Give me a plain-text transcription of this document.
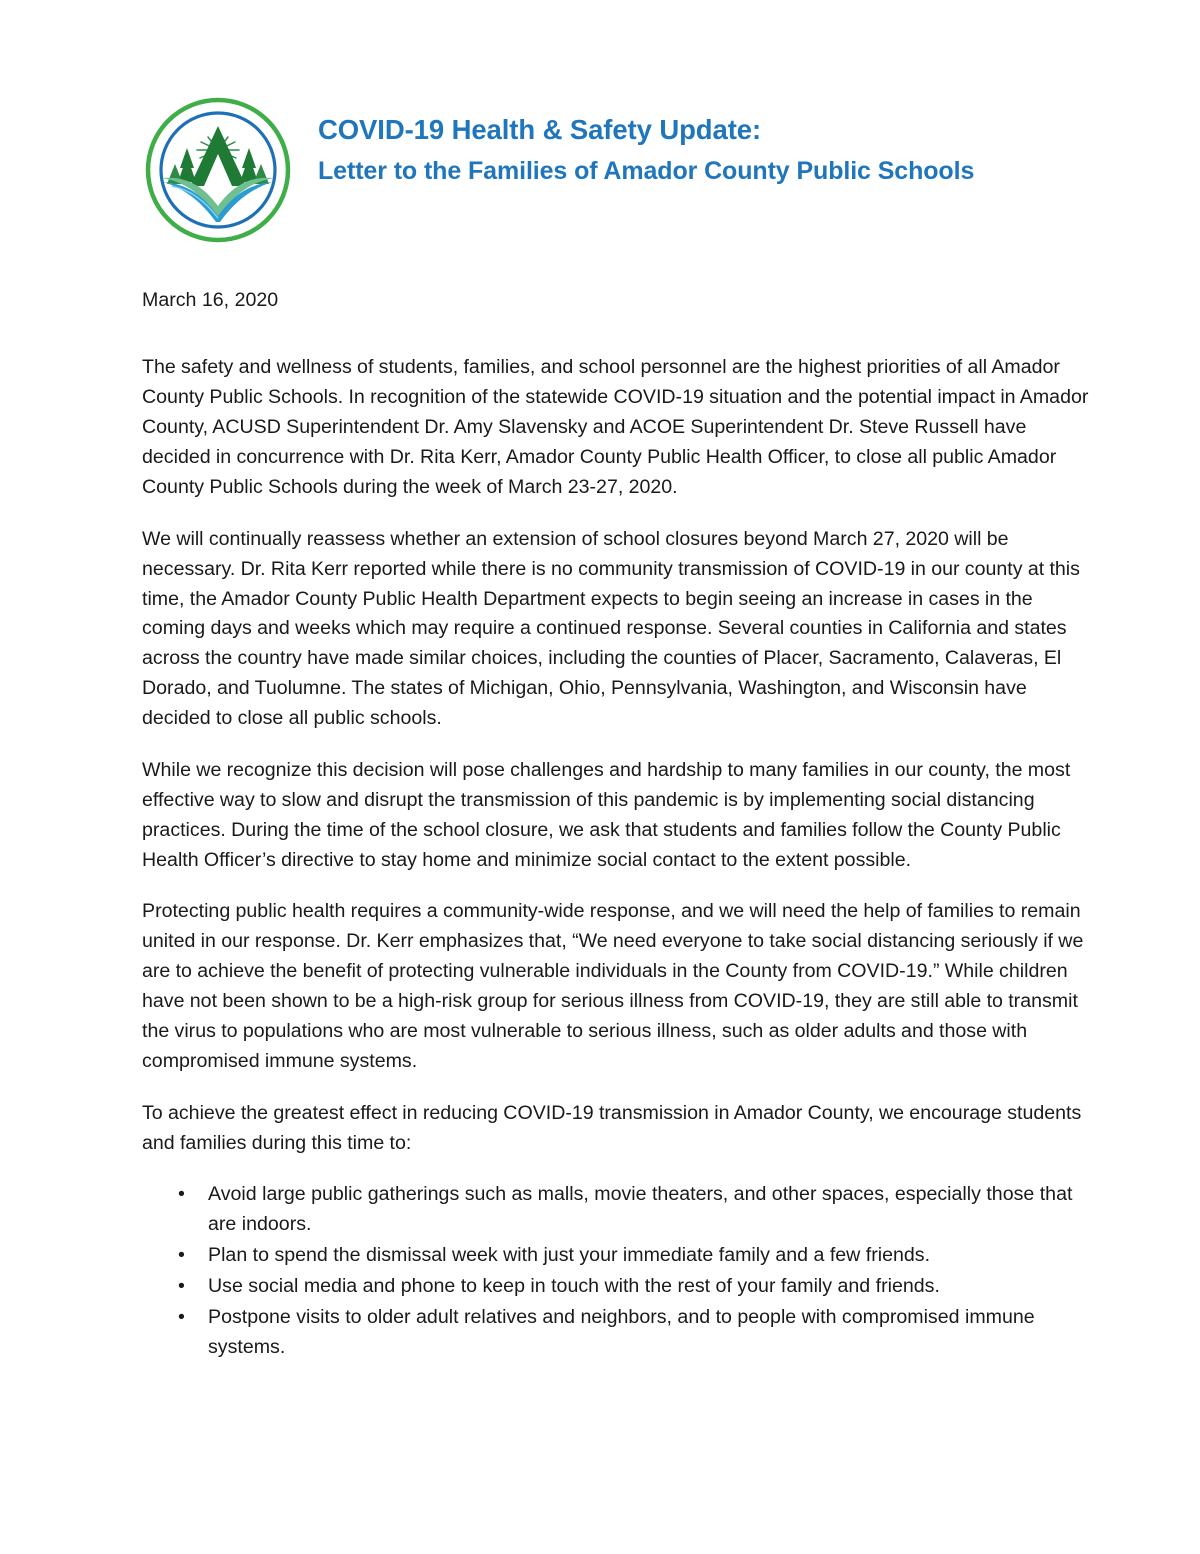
COVID-19 Health & Safety Update:
Letter to the Families of Amador County Public Schools
March 16, 2020

The safety and wellness of students, families, and school personnel are the highest priorities of all Amador County Public Schools. In recognition of the statewide COVID-19 situation and the potential impact in Amador County, ACUSD Superintendent Dr. Amy Slavensky and ACOE Superintendent Dr. Steve Russell have decided in concurrence with Dr. Rita Kerr, Amador County Public Health Officer, to close all public Amador County Public Schools during the week of March 23-27, 2020.

We will continually reassess whether an extension of school closures beyond March 27, 2020 will be necessary. Dr. Rita Kerr reported while there is no community transmission of COVID-19 in our county at this time, the Amador County Public Health Department expects to begin seeing an increase in cases in the coming days and weeks which may require a continued response. Several counties in California and states across the country have made similar choices, including the counties of Placer, Sacramento, Calaveras, El Dorado, and Tuolumne. The states of Michigan, Ohio, Pennsylvania, Washington, and Wisconsin have decided to close all public schools.

While we recognize this decision will pose challenges and hardship to many families in our county, the most effective way to slow and disrupt the transmission of this pandemic is by implementing social distancing practices. During the time of the school closure, we ask that students and families follow the County Public Health Officer’s directive to stay home and minimize social contact to the extent possible.

Protecting public health requires a community-wide response, and we will need the help of families to remain united in our response. Dr. Kerr emphasizes that, “We need everyone to take social distancing seriously if we are to achieve the benefit of protecting vulnerable individuals in the County from COVID-19.” While children have not been shown to be a high-risk group for serious illness from COVID-19, they are still able to transmit the virus to populations who are most vulnerable to serious illness, such as older adults and those with compromised immune systems.

To achieve the greatest effect in reducing COVID-19 transmission in Amador County, we encourage students and families during this time to:

• Avoid large public gatherings such as malls, movie theaters, and other spaces, especially those that are indoors.
• Plan to spend the dismissal week with just your immediate family and a few friends.
• Use social media and phone to keep in touch with the rest of your family and friends.
• Postpone visits to older adult relatives and neighbors, and to people with compromised immune systems.
